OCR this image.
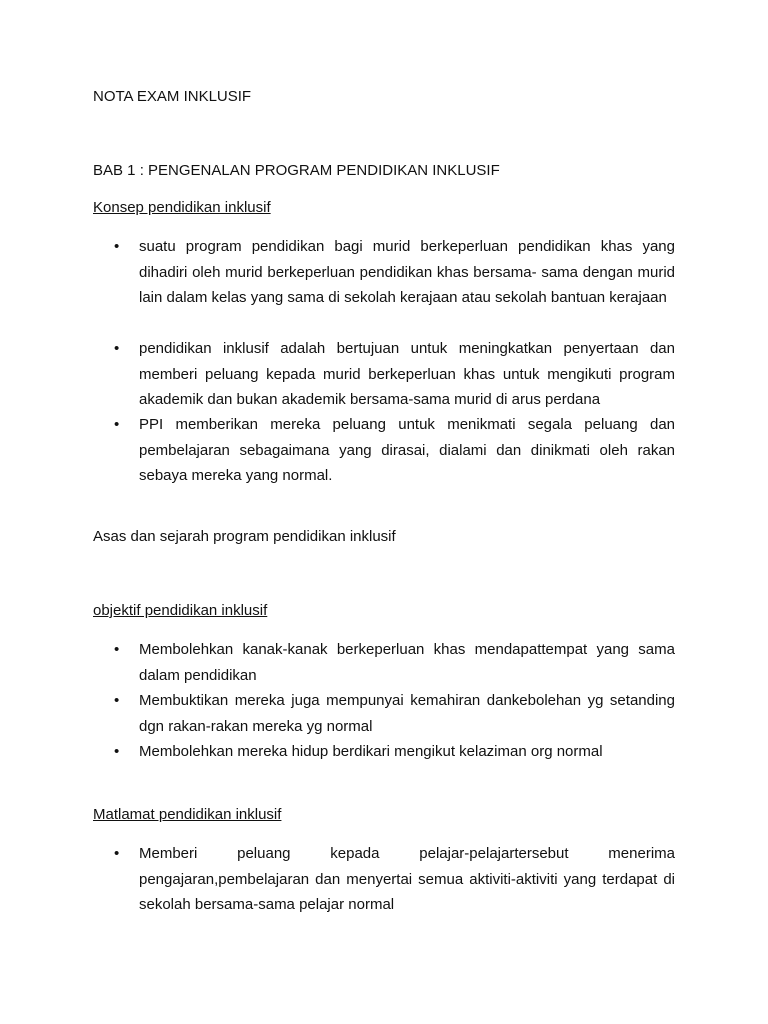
NOTA EXAM INKLUSIF
BAB 1 : PENGENALAN PROGRAM PENDIDIKAN INKLUSIF
Konsep pendidikan inklusif
•	suatu program pendidikan bagi murid berkeperluan pendidikan khas yang dihadiri oleh murid berkeperluan pendidikan khas bersama- sama dengan murid lain dalam kelas yang sama di sekolah kerajaan atau sekolah bantuan kerajaan
•	pendidikan inklusif adalah bertujuan untuk meningkatkan penyertaan dan memberi peluang kepada murid berkeperluan khas untuk mengikuti program akademik dan bukan akademik bersama-sama murid di arus perdana
•	PPI memberikan mereka peluang untuk menikmati segala peluang dan pembelajaran sebagaimana yang dirasai, dialami dan dinikmati oleh rakan sebaya mereka yang normal.
Asas dan sejarah program pendidikan inklusif
objektif pendidikan inklusif
•	Membolehkan kanak-kanak berkeperluan khas mendapattempat yang sama dalam pendidikan
•	Membuktikan mereka juga mempunyai kemahiran dankebolehan yg setanding dgn rakan-rakan mereka yg normal
•	Membolehkan mereka hidup berdikari mengikut kelaziman org normal
Matlamat pendidikan inklusif
•	Memberi peluang kepada pelajar-pelajartersebut menerima pengajaran,pembelajaran dan menyertai semua aktiviti-aktiviti yang terdapat di sekolah bersama-sama pelajar normal
